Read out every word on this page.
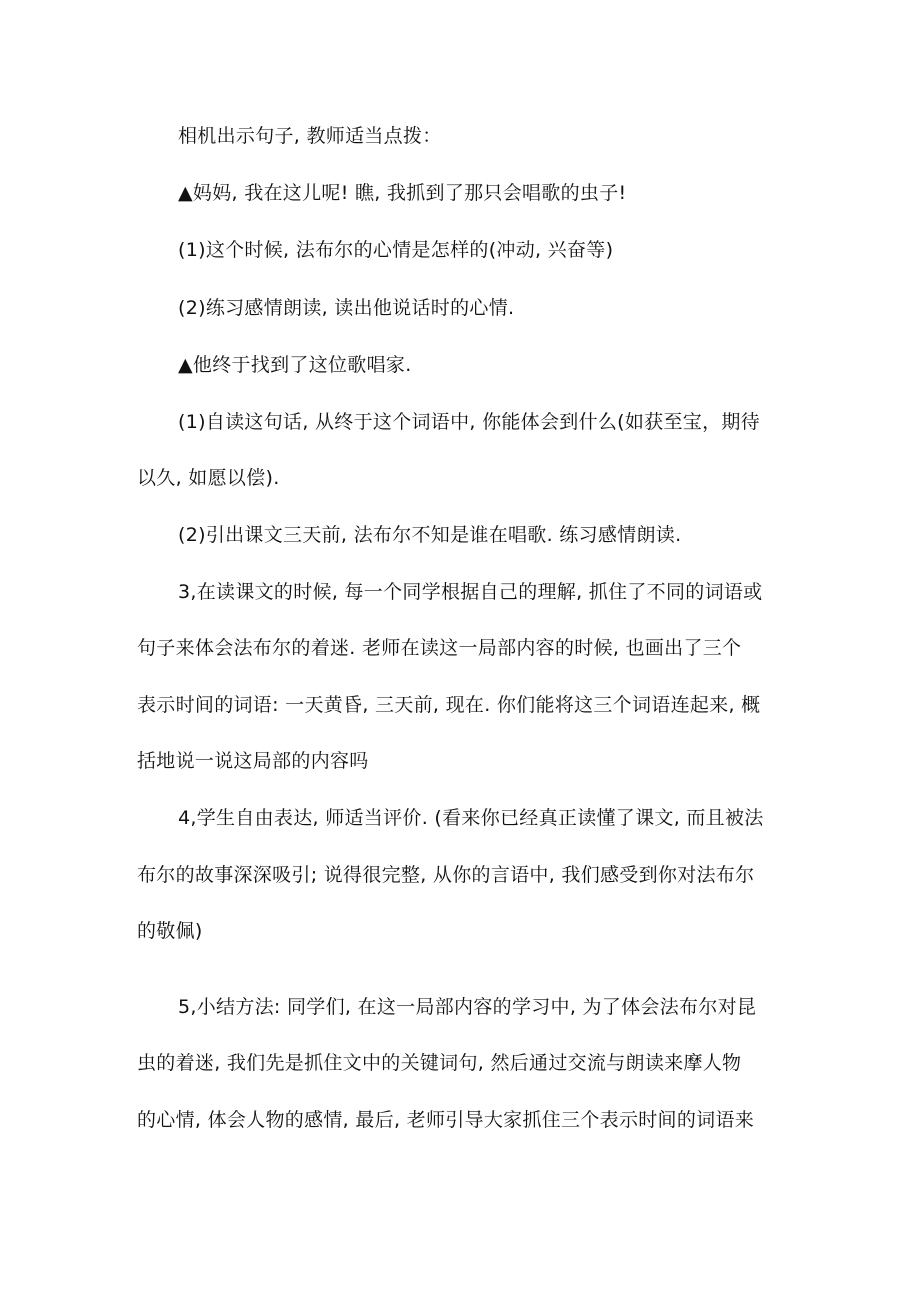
相机出示句子, 教师适当点拨：
▲妈妈, 我在这儿呢! 瞧, 我抓到了那只会唱歌的虫子!
(1)这个时候, 法布尔的心情是怎样的(冲动, 兴奋等)
(2)练习感情朗读, 读出他说话时的心情.
▲他终于找到了这位歌唱家.
(1)自读这句话, 从终于这个词语中, 你能体会到什么(如获至宝，期待
以久, 如愿以偿).
(2)引出课文三天前, 法布尔不知是谁在唱歌. 练习感情朗读.
3,在读课文的时候, 每一个同学根据自己的理解, 抓住了不同的词语或
句子来体会法布尔的着迷. 老师在读这一局部内容的时候, 也画出了三个
表示时间的词语: 一天黄昏, 三天前, 现在. 你们能将这三个词语连起来, 概
括地说一说这局部的内容吗
4,学生自由表达, 师适当评价. (看来你已经真正读懂了课文, 而且被法
布尔的故事深深吸引; 说得很完整, 从你的言语中, 我们感受到你对法布尔
的敬佩)
5,小结方法: 同学们, 在这一局部内容的学习中, 为了体会法布尔对昆
虫的着迷, 我们先是抓住文中的关键词句, 然后通过交流与朗读来摩人物
的心情, 体会人物的感情, 最后, 老师引导大家抓住三个表示时间的词语来
